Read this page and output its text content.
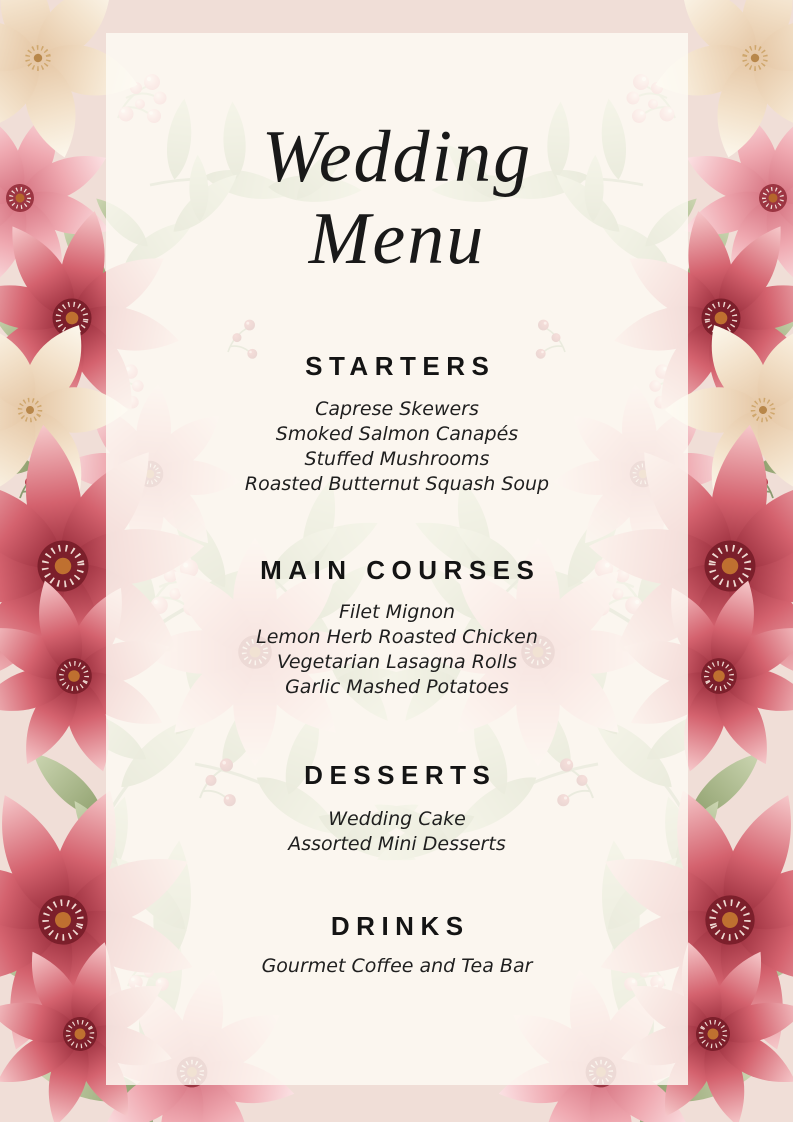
Wedding
Menu
STARTERS

Caprese Skewers

Smoked Salmon Canapés

Stuffed Mushrooms

Roasted Butternut Squash Soup

MAIN COURSES

Filet Mignon

Lemon Herb Roasted Chicken

Vegetarian Lasagna Rolls

Garlic Mashed Potatoes

DESSERTS

Wedding Cake

Assorted Mini Desserts

DRINKS

Gourmet Coffee and Tea Bar
